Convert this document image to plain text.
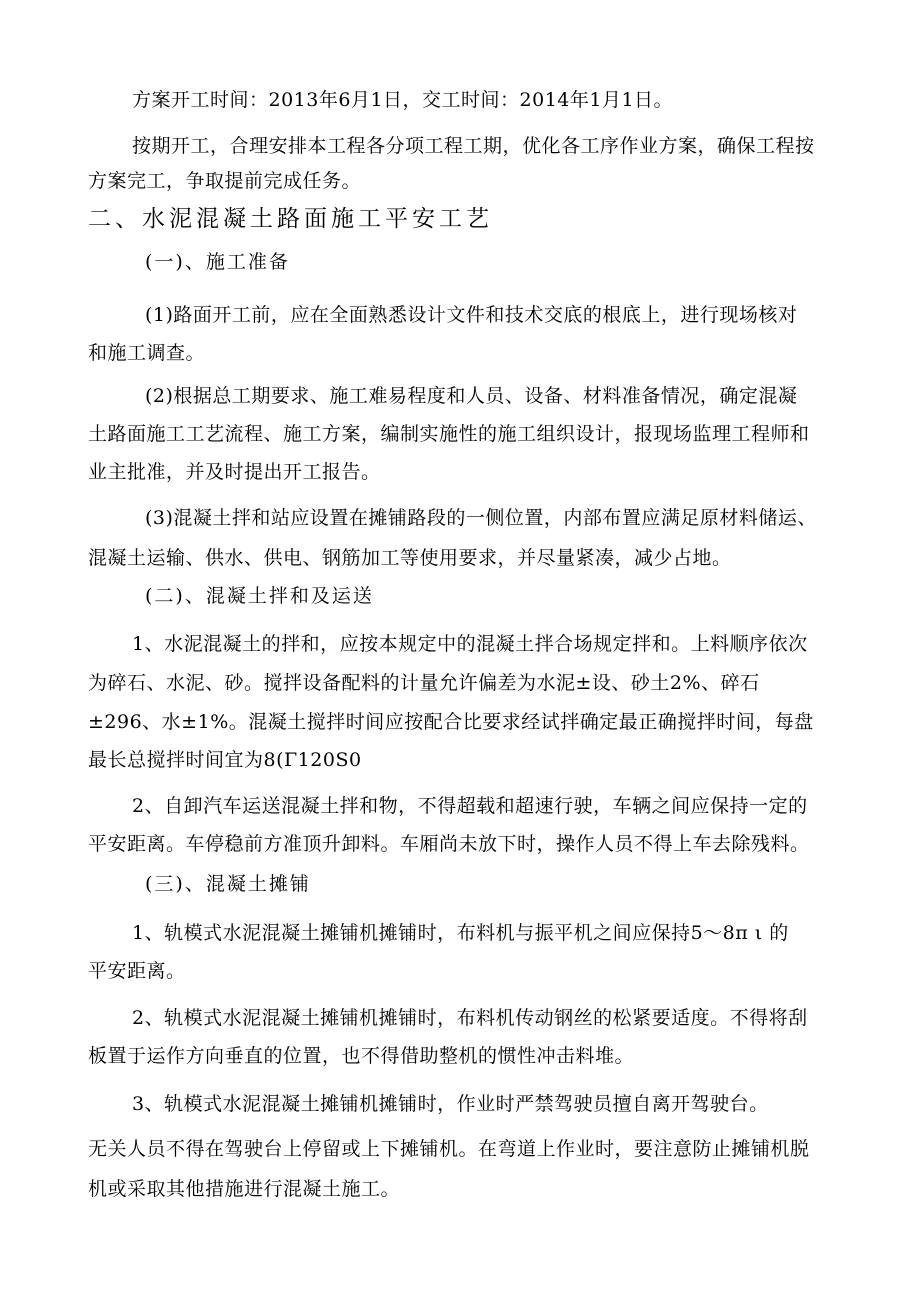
方案开工时间：2013年6月1日，交工时间：2014年1月1日。
按期开工，合理安排本工程各分项工程工期，优化各工序作业方案，确保工程按
方案完工，争取提前完成任务。
二、水泥混凝土路面施工平安工艺
(一)、施工准备
(1)路面开工前，应在全面熟悉设计文件和技术交底的根底上，进行现场核对
和施工调查。
(2)根据总工期要求、施工难易程度和人员、设备、材料准备情况，确定混凝
土路面施工工艺流程、施工方案，编制实施性的施工组织设计，报现场监理工程师和
业主批准，并及时提出开工报告。
(3)混凝土拌和站应设置在摊铺路段的一侧位置，内部布置应满足原材料储运、
混凝土运输、供水、供电、钢筋加工等使用要求，并尽量紧凑，减少占地。
(二)、混凝土拌和及运送
1、水泥混凝土的拌和，应按本规定中的混凝土拌合场规定拌和。上料顺序依次
为碎石、水泥、砂。搅拌设备配料的计量允许偏差为水泥±设、砂土2%、碎石
±296、水±1%。混凝土搅拌时间应按配合比要求经试拌确定最正确搅拌时间，每盘
最长总搅拌时间宜为8(Γ120S0
2、自卸汽车运送混凝土拌和物，不得超载和超速行驶，车辆之间应保持一定的
平安距离。车停稳前方准顶升卸料。车厢尚未放下时，操作人员不得上车去除残料。
(三)、混凝土摊铺
1、轨模式水泥混凝土摊铺机摊铺时，布料机与振平机之间应保持5～8π ι 的
平安距离。
2、轨模式水泥混凝土摊铺机摊铺时，布料机传动钢丝的松紧要适度。不得将刮
板置于运作方向垂直的位置，也不得借助整机的惯性冲击料堆。
3、轨模式水泥混凝土摊铺机摊铺时，作业时严禁驾驶员擅自离开驾驶台。
无关人员不得在驾驶台上停留或上下摊铺机。在弯道上作业时，要注意防止摊铺机脱
机或采取其他措施进行混凝土施工。
